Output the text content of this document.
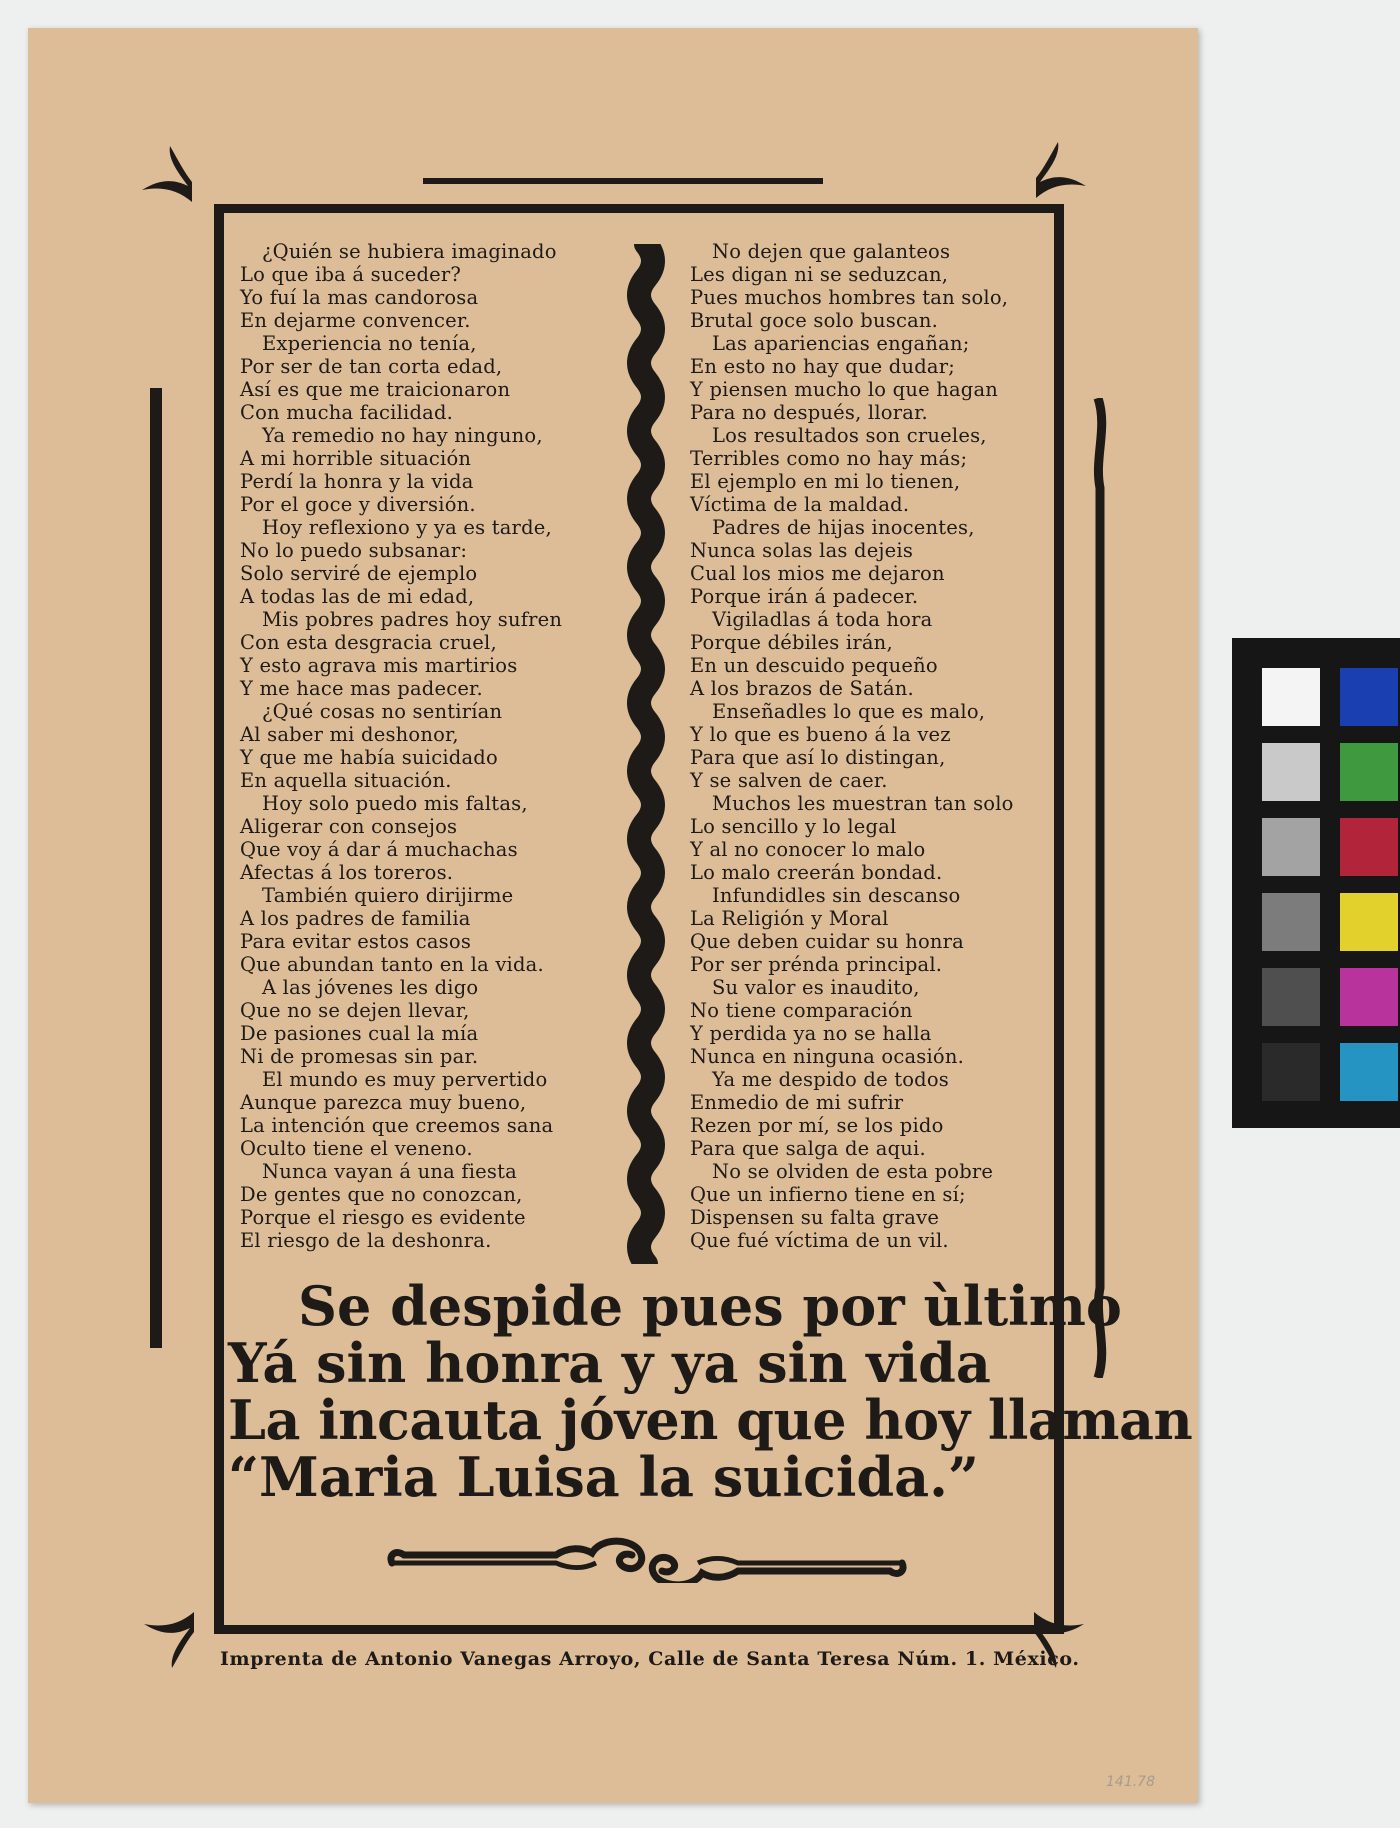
¿Quién se hubiera imaginado
Lo que iba á suceder?
Yo fuí la mas candorosa
En dejarme convencer.
Experiencia no tenía,
Por ser de tan corta edad,
Así es que me traicionaron
Con mucha facilidad.
Ya remedio no hay ninguno,
A mi horrible situación
Perdí la honra y la vida
Por el goce y diversión.
Hoy reflexiono y ya es tarde,
No lo puedo subsanar:
Solo serviré de ejemplo
A todas las de mi edad,
Mis pobres padres hoy sufren
Con esta desgracia cruel,
Y esto agrava mis martirios
Y me hace mas padecer.
¿Qué cosas no sentirían
Al saber mi deshonor,
Y que me había suicidado
En aquella situación.
Hoy solo puedo mis faltas,
Aligerar con consejos
Que voy á dar á muchachas
Afectas á los toreros.
También quiero dirijirme
A los padres de familia
Para evitar estos casos
Que abundan tanto en la vida.
A las jóvenes les digo
Que no se dejen llevar,
De pasiones cual la mía
Ni de promesas sin par.
El mundo es muy pervertido
Aunque parezca muy bueno,
La intención que creemos sana
Oculto tiene el veneno.
Nunca vayan á una fiesta
De gentes que no conozcan,
Porque el riesgo es evidente
El riesgo de la deshonra.
No dejen que galanteos
Les digan ni se seduzcan,
Pues muchos hombres tan solo,
Brutal goce solo buscan.
Las apariencias engañan;
En esto no hay que dudar;
Y piensen mucho lo que hagan
Para no después, llorar.
Los resultados son crueles,
Terribles como no hay más;
El ejemplo en mi lo tienen,
Víctima de la maldad.
Padres de hijas inocentes,
Nunca solas las dejeis
Cual los mios me dejaron
Porque irán á padecer.
Vigiladlas á toda hora
Porque débiles irán,
En un descuido pequeño
A los brazos de Satán.
Enseñadles lo que es malo,
Y lo que es bueno á la vez
Para que así lo distingan,
Y se salven de caer.
Muchos les muestran tan solo
Lo sencillo y lo legal
Y al no conocer lo malo
Lo malo creerán bondad.
Infundidles sin descanso
La Religión y Moral
Que deben cuidar su honra
Por ser prénda principal.
Su valor es inaudito,
No tiene comparación
Y perdida ya no se halla
Nunca en ninguna ocasión.
Ya me despido de todos
Enmedio de mi sufrir
Rezen por mí, se los pido
Para que salga de aqui.
No se olviden de esta pobre
Que un infierno tiene en sí;
Dispensen su falta grave
Que fué víctima de un vil.
Se despide pues por ùltimo
Yá sin honra y ya sin vida
La incauta jóven que hoy llaman
“Maria Luisa la suicida.”
Imprenta de Antonio Vanegas Arroyo, Calle de Santa Teresa Núm. 1. México.
141.78
